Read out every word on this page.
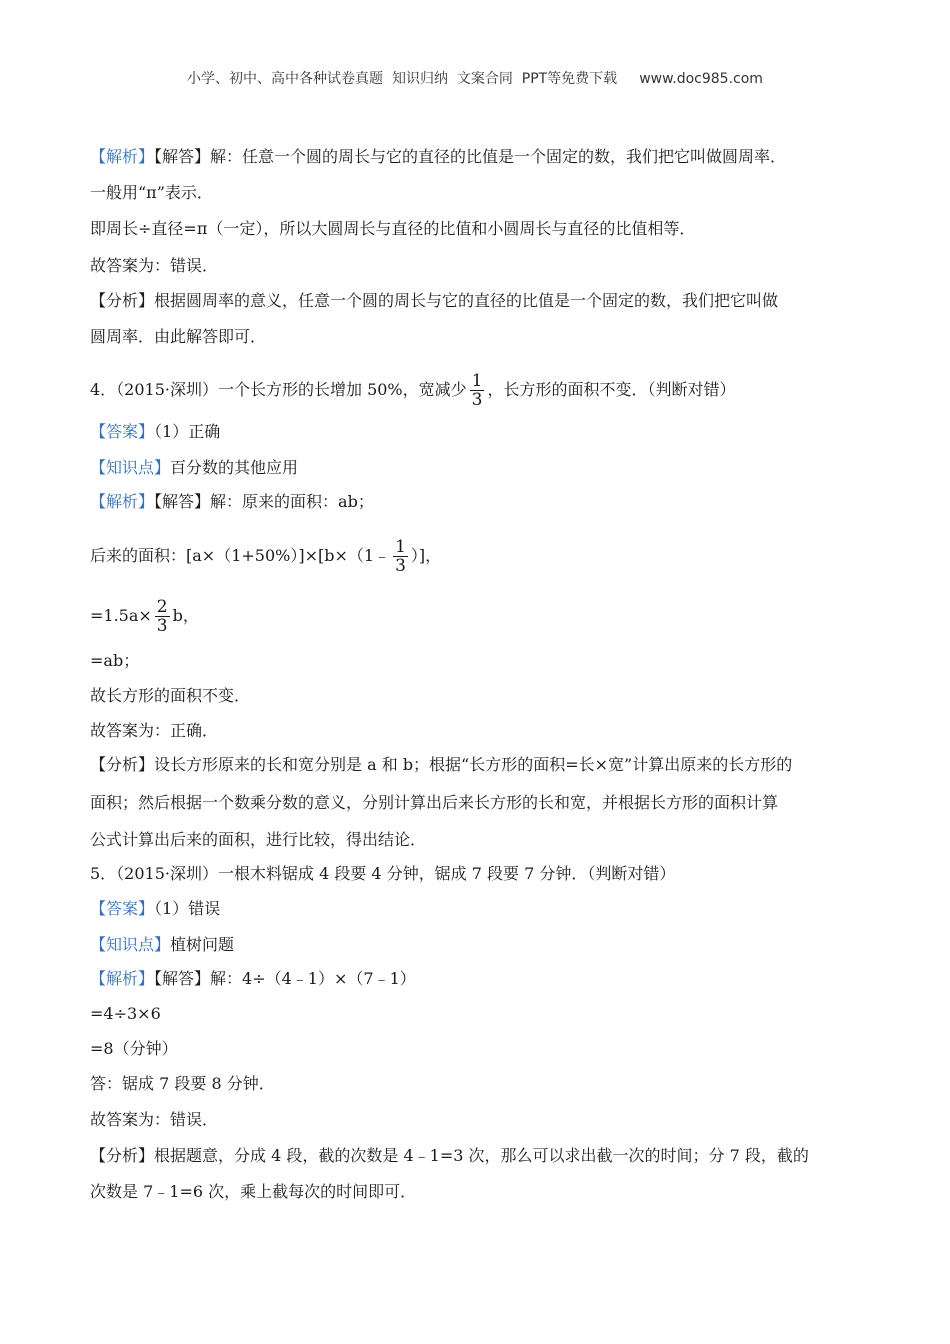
小学、初中、高中各种试卷真题  知识归纳  文案合同  PPT等免费下载 www.doc985.com
【解析】【解答】解：任意一个圆的周长与它的直径的比值是一个固定的数，我们把它叫做圆周率．
一般用“π”表示．
即周长÷直径=π（一定），所以大圆周长与直径的比值和小圆周长与直径的比值相等．
故答案为：错误．
【分析】根据圆周率的意义，任意一个圆的周长与它的直径的比值是一个固定的数，我们把它叫做
圆周率．由此解答即可．
4．（2015·深圳）一个长方形的长增加 50%，宽减少 $\frac{1}{3}$ ，长方形的面积不变．（判断对错）
【答案】（1）正确
【知识点】百分数的其他应用
【解析】【解答】解：原来的面积：ab；
后来的面积：[a×（1+50%）]×[b×（1﹣ $\frac{1}{3}$ ）]，
$=1.5a\times \frac{2}{3}$ b，
=ab；
故长方形的面积不变．
故答案为：正确．
【分析】设长方形原来的长和宽分别是 a 和 b；根据“长方形的面积=长×宽”计算出原来的长方形的
面积；然后根据一个数乘分数的意义，分别计算出后来长方形的长和宽，并根据长方形的面积计算
公式计算出后来的面积，进行比较，得出结论．
5．（2015·深圳）一根木料锯成 4 段要 4 分钟，锯成 7 段要 7 分钟．（判断对错）
【答案】（1）错误
【知识点】植树问题
【解析】【解答】解：4÷（4﹣1）×（7﹣1）
=4÷3×6
=8（分钟）
答：锯成 7 段要 8 分钟．
故答案为：错误．
【分析】根据题意，分成 4 段，截的次数是 4﹣1=3 次，那么可以求出截一次的时间；分 7 段，截的
次数是 7﹣1=6 次，乘上截每次的时间即可．
